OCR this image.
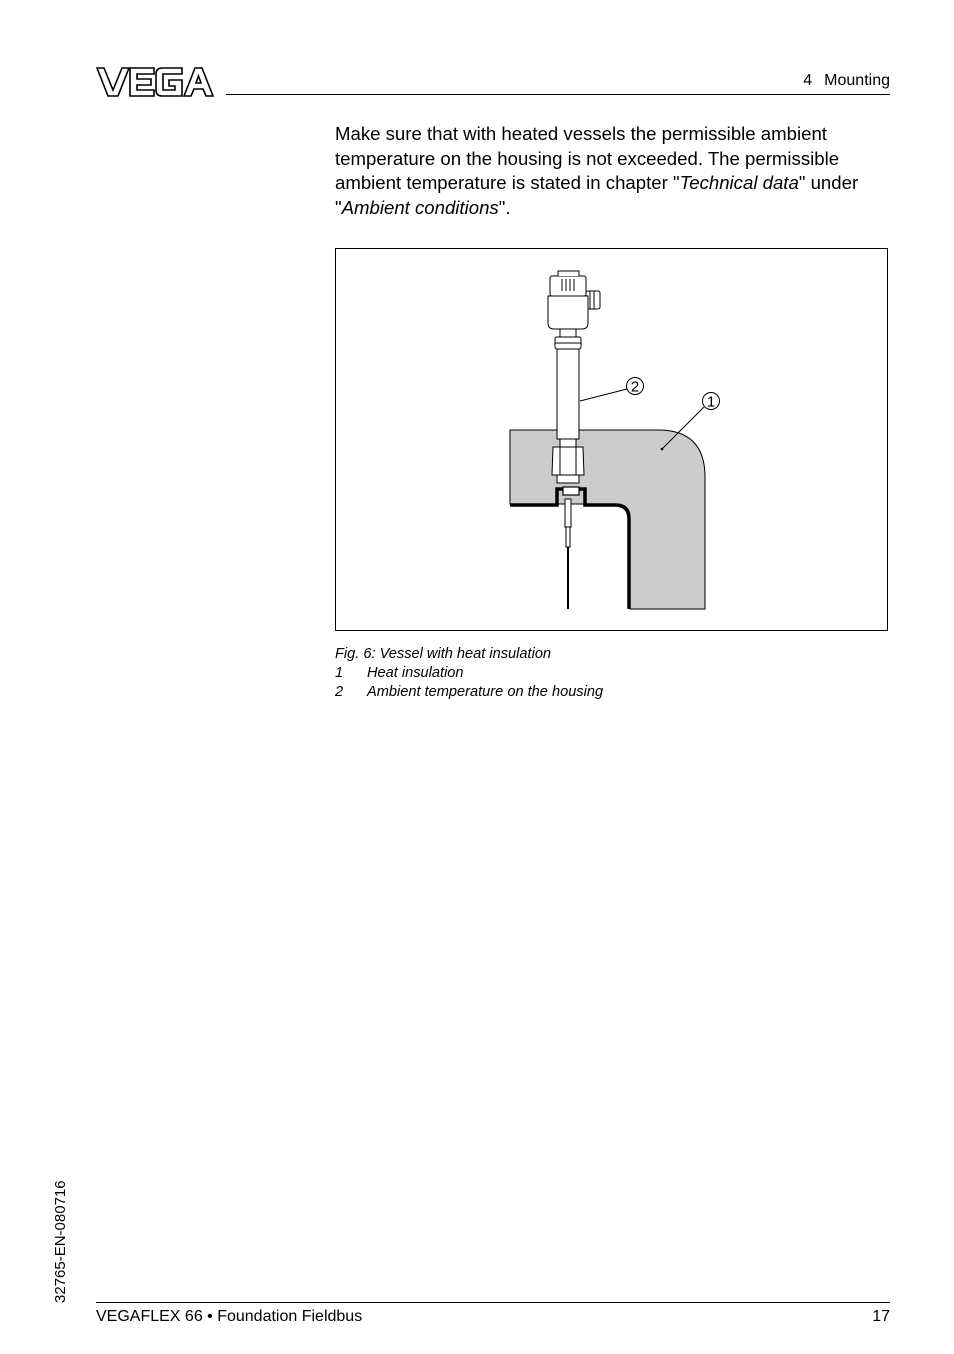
4 Mounting
Make sure that with heated vessels the permissible ambient temperature on the housing is not exceeded. The permissible ambient temperature is stated in chapter "Technical data" under "Ambient conditions".
2
1
Fig. 6: Vessel with heat insulation
1	Heat insulation
2	Ambient temperature on the housing
32765-EN-080716
VEGAFLEX 66 • Foundation Fieldbus	17
